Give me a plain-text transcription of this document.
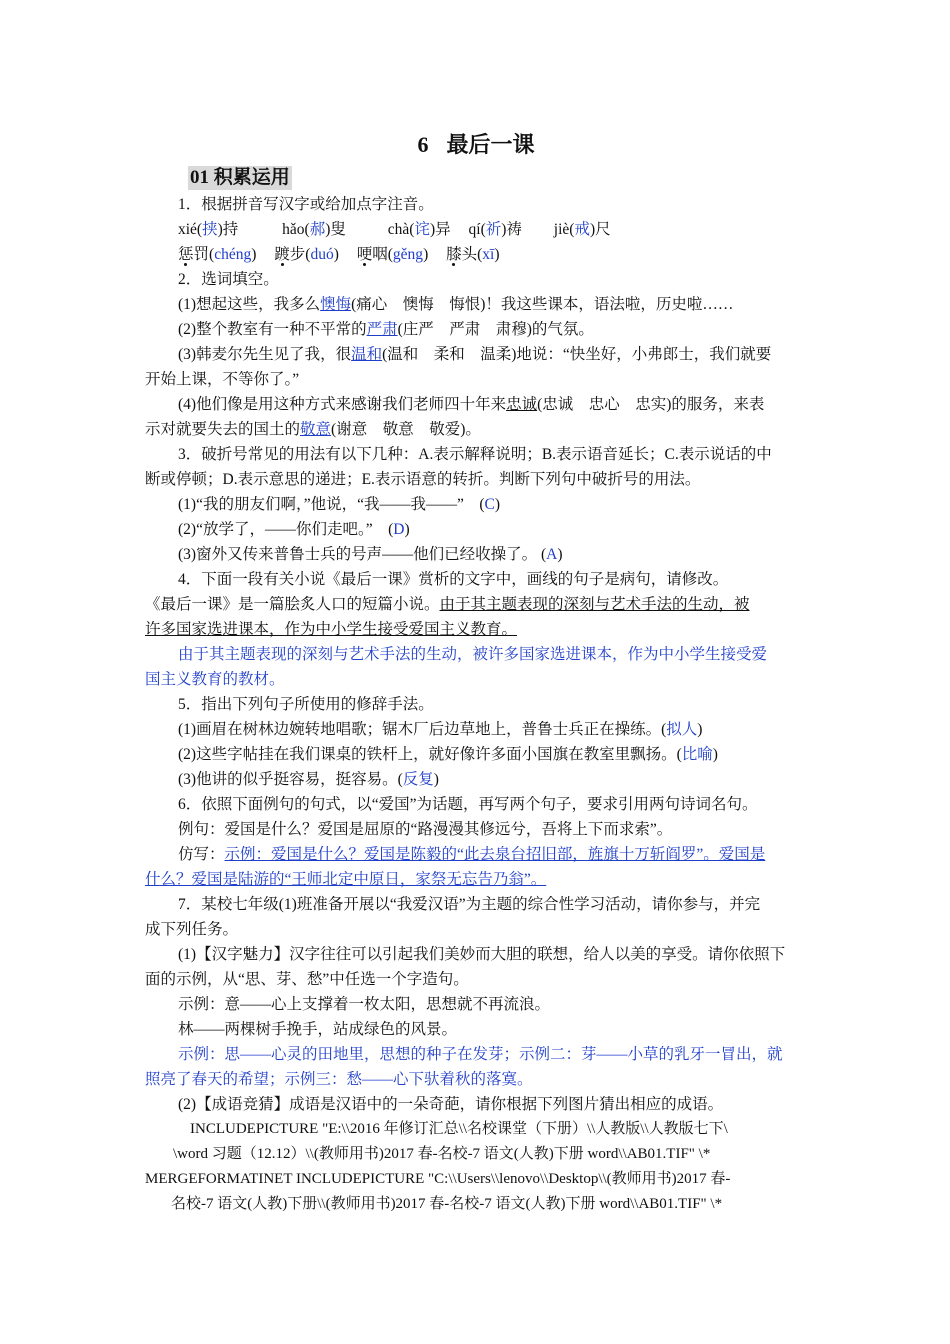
6 最后一课
01 积累运用
1．根据拼音写汉字或给加点字注音。
xié(挟)持	hǎo(郝)叟	chà(诧)异 qí(祈)祷 jiè(戒)尺
惩罚(chéng) 踱步(duó) 哽咽(gěng) 膝头(xī)
2．选词填空。
(1)想起这些，我多么懊悔(痛心　懊悔　悔恨)！我这些课本，语法啦，历史啦……
(2)整个教室有一种不平常的严肃(庄严　严肃　肃穆)的气氛。
(3)韩麦尔先生见了我，很温和(温和　柔和　温柔)地说：“快坐好，小弗郎士，我们就要
开始上课，不等你了。”
(4)他们像是用这种方式来感谢我们老师四十年来忠诚(忠诚　忠心　忠实)的服务，来表
示对就要失去的国土的敬意(谢意　敬意　敬爱)。
3．破折号常见的用法有以下几种：A.表示解释说明；B.表示语音延长；C.表示说话的中
断或停顿；D.表示意思的递进；E.表示语意的转折。判断下列句中破折号的用法。
(1)“我的朋友们啊，”他说，“我——我——”　(C)
(2)“放学了，——你们走吧。”　(D)
(3)窗外又传来普鲁士兵的号声——他们已经收操了。 (A)
4．下面一段有关小说《最后一课》赏析的文字中，画线的句子是病句，请修改。
《最后一课》是一篇脍炙人口的短篇小说。由于其主题表现的深刻与艺术手法的生动，被
许多国家选进课本，作为中小学生接受爱国主义教育。
由于其主题表现的深刻与艺术手法的生动，被许多国家选进课本，作为中小学生接受爱
国主义教育的教材。
5．指出下列句子所使用的修辞手法。
(1)画眉在树林边婉转地唱歌；锯木厂后边草地上，普鲁士兵正在操练。(拟人)
(2)这些字帖挂在我们课桌的铁杆上，就好像许多面小国旗在教室里飘扬。(比喻)
(3)他讲的似乎挺容易，挺容易。(反复)
6．依照下面例句的句式，以“爱国”为话题，再写两个句子，要求引用两句诗词名句。
例句：爱国是什么？爱国是屈原的“路漫漫其修远兮，吾将上下而求索”。
仿写：示例：爱国是什么？爱国是陈毅的“此去泉台招旧部，旌旗十万斩阎罗”。爱国是
什么？爱国是陆游的“王师北定中原日，家祭无忘告乃翁”。
7．某校七年级(1)班准备开展以“我爱汉语”为主题的综合性学习活动，请你参与，并完
成下列任务。
(1)【汉字魅力】汉字往往可以引起我们美妙而大胆的联想，给人以美的享受。请你依照下
面的示例，从“思、芽、愁”中任选一个字造句。
示例：意——心上支撑着一枚太阳，思想就不再流浪。
林——两棵树手挽手，站成绿色的风景。
示例：思——心灵的田地里，思想的种子在发芽；示例二：芽——小草的乳牙一冒出，就
照亮了春天的希望；示例三：愁——心下驮着秋的落寞。
(2)【成语竞猜】成语是汉语中的一朵奇葩，请你根据下列图片猜出相应的成语。
INCLUDEPICTURE "E:\\2016 年修订汇总\\名校课堂（下册）\\人教版\\人教版七下\
\word 习题（12.12）\\(教师用书)2017 春-名校-7 语文(人教)下册 word\\AB01.TIF" \*
MERGEFORMATINET INCLUDEPICTURE "C:\\Users\\lenovo\\Desktop\\(教师用书)2017 春-
名校-7 语文(人教)下册\\(教师用书)2017 春-名校-7 语文(人教)下册 word\\AB01.TIF" \*
